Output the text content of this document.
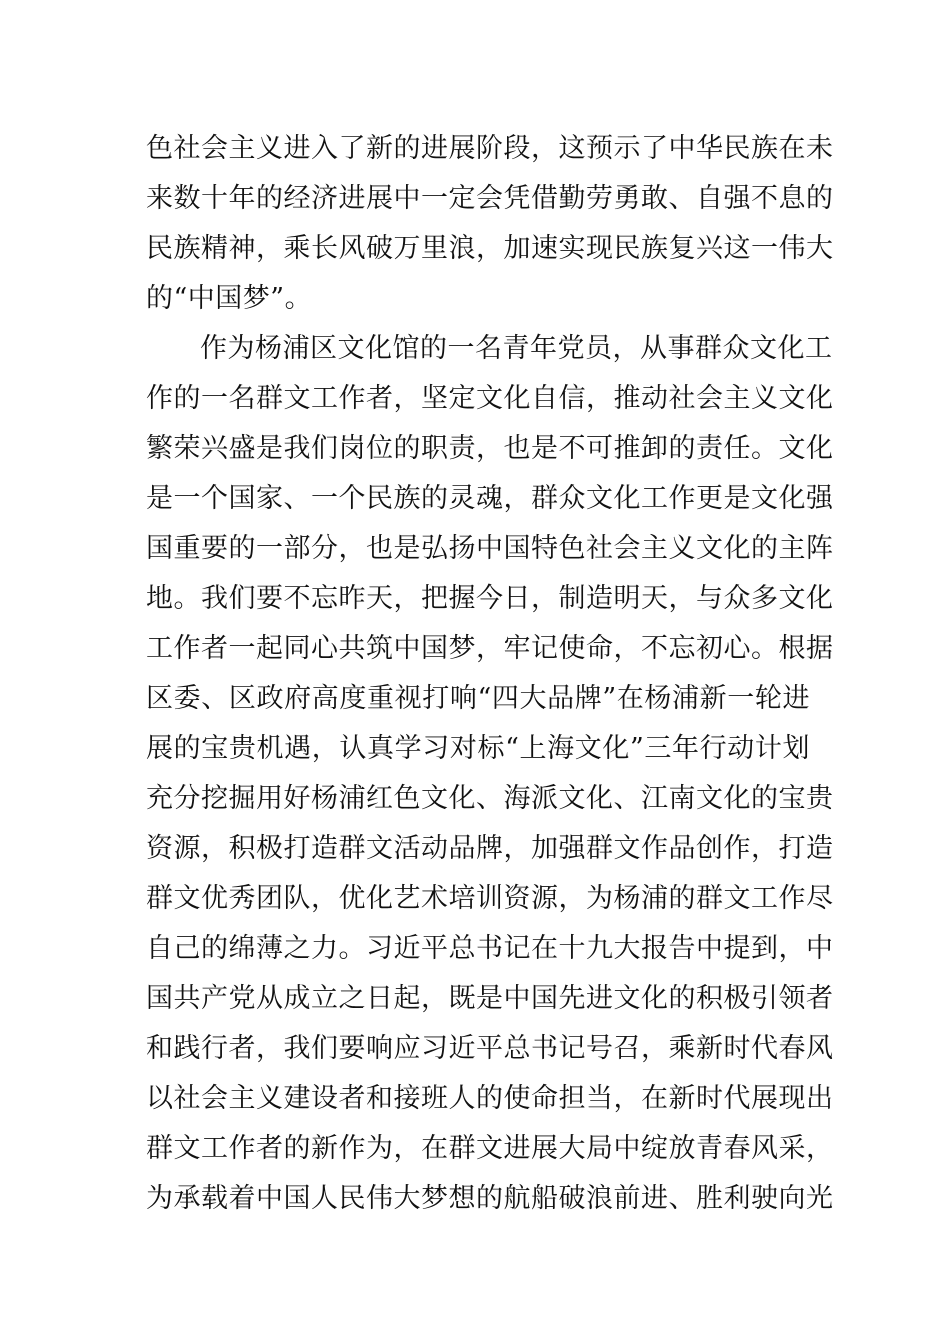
色社会主义进入了新的进展阶段，这预示了中华民族在未
来数十年的经济进展中一定会凭借勤劳勇敢、自强不息的
民族精神，乘长风破万里浪，加速实现民族复兴这一伟大
的“中国梦”。
作为杨浦区文化馆的一名青年党员，从事群众文化工
作的一名群文工作者，坚定文化自信，推动社会主义文化
繁荣兴盛是我们岗位的职责，也是不可推卸的责任。文化
是一个国家、一个民族的灵魂，群众文化工作更是文化强
国重要的一部分，也是弘扬中国特色社会主义文化的主阵
地。我们要不忘昨天，把握今日，制造明天，与众多文化
工作者一起同心共筑中国梦，牢记使命，不忘初心。根据
区委、区政府高度重视打响“四大品牌”在杨浦新一轮进
展的宝贵机遇，认真学习对标“上海文化”三年行动计划
充分挖掘用好杨浦红色文化、海派文化、江南文化的宝贵
资源，积极打造群文活动品牌，加强群文作品创作，打造
群文优秀团队，优化艺术培训资源，为杨浦的群文工作尽
自己的绵薄之力。习近平总书记在十九大报告中提到，中
国共产党从成立之日起，既是中国先进文化的积极引领者
和践行者，我们要响应习近平总书记号召，乘新时代春风
以社会主义建设者和接班人的使命担当，在新时代展现出
群文工作者的新作为，在群文进展大局中绽放青春风采，
为承载着中国人民伟大梦想的航船破浪前进、胜利驶向光
